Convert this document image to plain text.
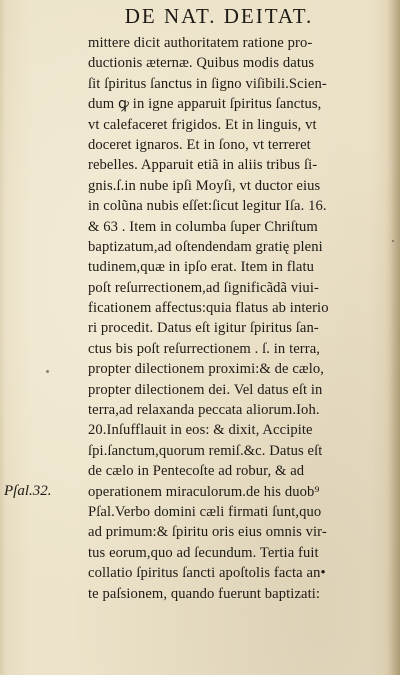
DE NAT. DEITAT.
Pſal.32.
mittere dicit authoritatem ratione pro-
ductionis æternæ. Quibus modis datus
ſit ſpiritus ſanctus in ſigno viſibili.Scien-
dum ꝙ in igne apparuit ſpiritus ſanctus,
vt calefaceret frigidos. Et in linguis, vt
doceret ignaros. Et in ſono, vt terreret
rebelles. Apparuit etiã in aliis tribus ſi-
gnis.ſ.in nube ipſi Moyſi, vt ductor eius
in colũna nubis eſſet:ſicut legitur Iſa. 16.
& 63 . Item in columba ſuper Chriſtum
baptizatum,ad oſtendendam gratię pleni
tudinem,quæ in ipſo erat. Item in flatu
poſt reſurrectionem,ad ſignificãdã viui-
ficationem affectus:quia flatus ab interio
ri procedit. Datus eſt igitur ſpiritus ſan-
ctus bis poſt reſurrectionem . ſ. in terra,
propter dilectionem proximi:& de cælo,
propter dilectionem dei. Vel datus eſt in
terra,ad relaxanda peccata aliorum.Ioh.
20.Inſufflauit in eos: & dixit, Accipite
ſpi.ſanctum,quorum remiſ.&c. Datus eſt
de cælo in Pentecoſte ad robur, & ad
operationem miraculorum.de his duob⁹
Pſal.Verbo domini cæli firmati ſunt,quo
ad primum:& ſpiritu oris eius omnis vir-
tus eorum,quo ad ſecundum. Tertia fuit
collatio ſpiritus ſancti apoſtolis facta an•
te paſsionem, quando fuerunt baptizati:
